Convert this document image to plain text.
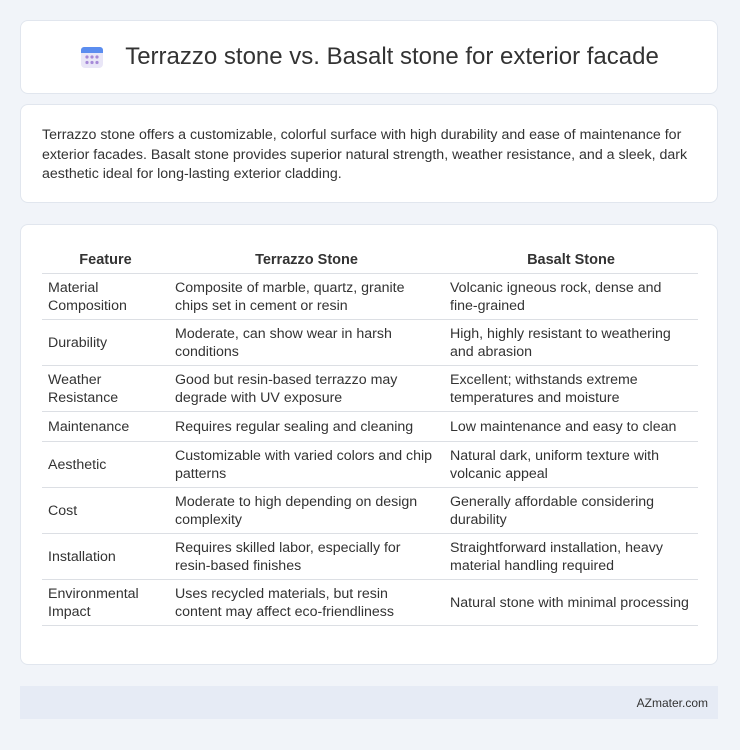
Terrazzo stone vs. Basalt stone for exterior facade

Terrazzo stone offers a customizable, colorful surface with high durability and ease of maintenance for exterior facades. Basalt stone provides superior natural strength, weather resistance, and a sleek, dark aesthetic ideal for long-lasting exterior cladding.

Feature	Terrazzo Stone	Basalt Stone
Material Composition	Composite of marble, quartz, granite chips set in cement or resin	Volcanic igneous rock, dense and fine-grained
Durability	Moderate, can show wear in harsh conditions	High, highly resistant to weathering and abrasion
Weather Resistance	Good but resin-based terrazzo may degrade with UV exposure	Excellent; withstands extreme temperatures and moisture
Maintenance	Requires regular sealing and cleaning	Low maintenance and easy to clean
Aesthetic	Customizable with varied colors and chip patterns	Natural dark, uniform texture with volcanic appeal
Cost	Moderate to high depending on design complexity	Generally affordable considering durability
Installation	Requires skilled labor, especially for resin-based finishes	Straightforward installation, heavy material handling required
Environmental Impact	Uses recycled materials, but resin content may affect eco-friendliness	Natural stone with minimal processing
AZmater.com
